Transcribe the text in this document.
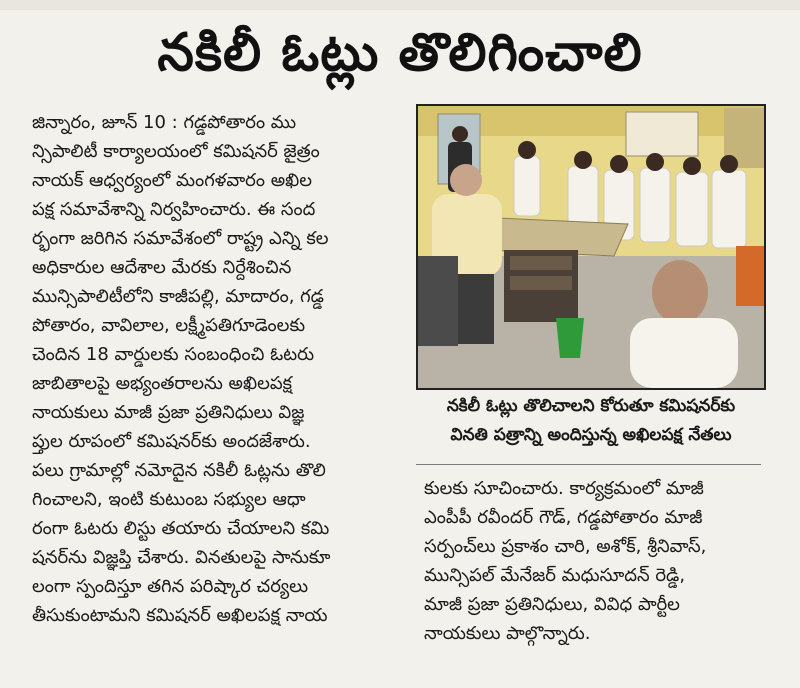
నకిలీ ఓట్లు తొలిగించాలి
జిన్నారం, జూన్ 10 : గడ్డపోతారం ము
న్సిపాలిటీ కార్యాలయంలో కమిషనర్ జైత్రం
నాయక్ ఆధ్వర్యంలో మంగళవారం అఖిల
పక్ష సమావేశాన్ని నిర్వహించారు. ఈ సంద
ర్భంగా జరిగిన సమావేశంలో రాష్ట్ర ఎన్ని కల
అధికారుల ఆదేశాల మేరకు నిర్దేశించిన
మున్సిపాలిటీలోని కాజీపల్లి, మాదారం, గడ్డ
పోతారం, వావిలాల, లక్ష్మీపతిగూడెంలకు
చెందిన 18 వార్డులకు సంబంధించి ఓటరు
జాబితాలపై అభ్యంతరాలను అఖిలపక్ష
నాయకులు మాజీ ప్రజా ప్రతినిధులు విజ్ఞ
ప్తుల రూపంలో కమిషనర్‌కు అందజేశారు.
పలు గ్రామాల్లో నమోదైన నకిలీ ఓట్లను తొలి
గించాలని, ఇంటి కుటుంబ సభ్యుల ఆధా
రంగా ఓటరు లిస్టు తయారు చేయాలని కమి
షనర్‌ను విజ్ఞప్తి చేశారు. వినతులపై సానుకూ
లంగా స్పందిస్తూ తగిన పరిష్కార చర్యలు
తీసుకుంటామని కమిషనర్ అఖిలపక్ష నాయ
నకిలీ ఓట్లు తొలిచాలని కోరుతూ కమిషనర్‌కు
వినతి పత్రాన్ని అందిస్తున్న అఖిలపక్ష నేతలు
కులకు సూచించారు. కార్యక్రమంలో మాజీ
ఎంపీపీ రవీందర్ గౌడ్, గడ్డపోతారం మాజీ
సర్పంచ్‌లు ప్రకాశం చారి, అశోక్, శ్రీనివాస్,
మున్సిపల్ మేనేజర్ మధుసూదన్ రెడ్డి,
మాజీ ప్రజా ప్రతినిధులు, వివిధ పార్టీల
నాయకులు పాల్గొన్నారు.
